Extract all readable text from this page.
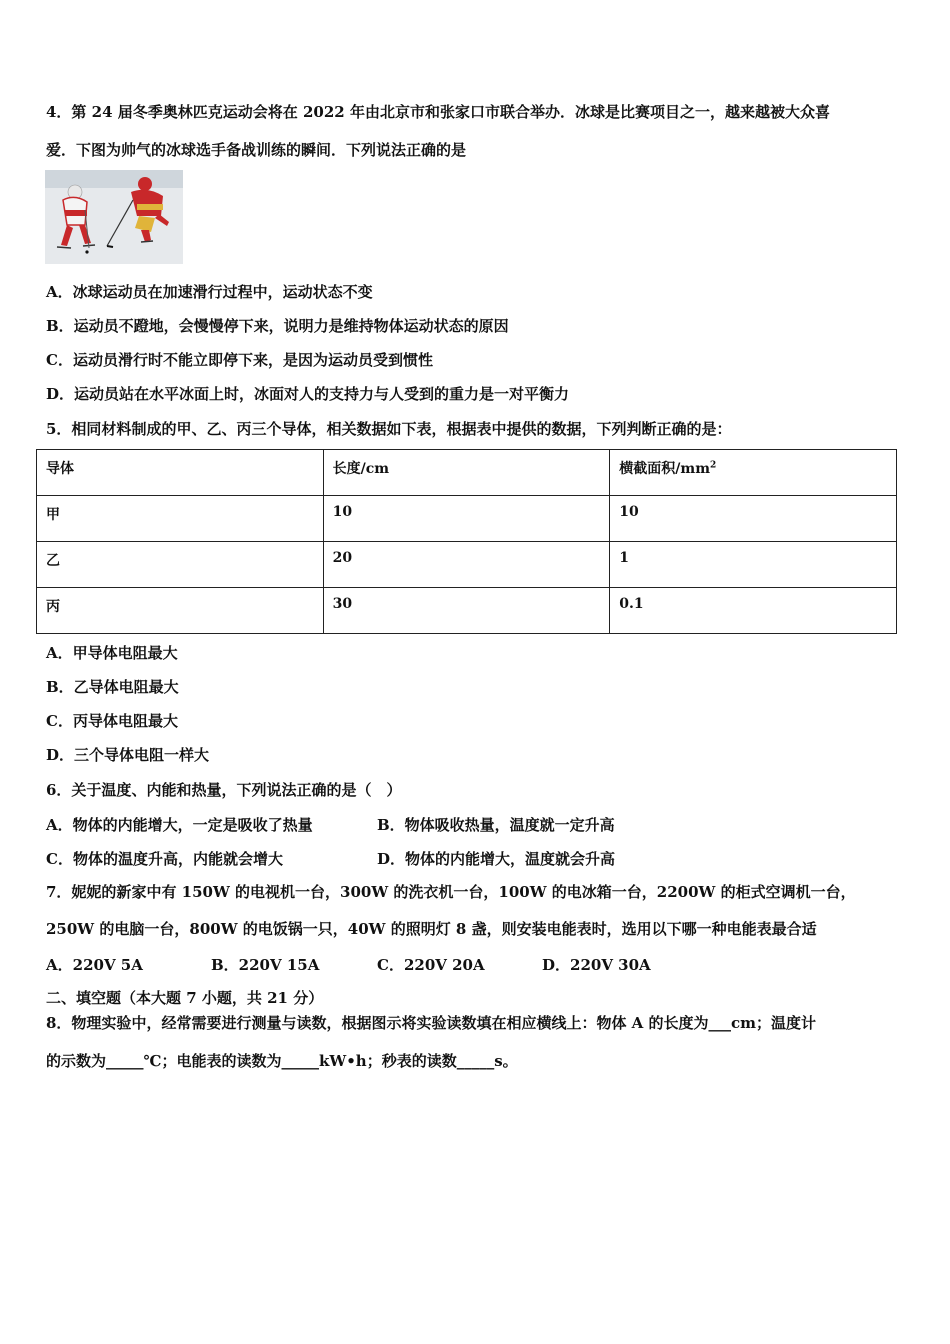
4．第 24 届冬季奥林匹克运动会将在 2022 年由北京市和张家口市联合举办．冰球是比赛项目之一，越来越被大众喜
爱．下图为帅气的冰球选手备战训练的瞬间．下列说法正确的是
A．冰球运动员在加速滑行过程中，运动状态不变
B．运动员不蹬地，会慢慢停下来，说明力是维持物体运动状态的原因
C．运动员滑行时不能立即停下来，是因为运动员受到惯性
D．运动员站在水平冰面上时，冰面对人的支持力与人受到的重力是一对平衡力
5．相同材料制成的甲、乙、丙三个导体，相关数据如下表，根据表中提供的数据，下列判断正确的是：
导体	长度/cm	横截面积$/mm^2$
甲	10	10
乙	20	1
丙	30	0.1
A．甲导体电阻最大
B．乙导体电阻最大
C．丙导体电阻最大
D．三个导体电阻一样大
6．关于温度、内能和热量，下列说法正确的是（　）
A．物体的内能增大，一定是吸收了热量	B．物体吸收热量，温度就一定升高
C．物体的温度升高，内能就会增大	D．物体的内能增大，温度就会升高
7．妮妮的新家中有 150W 的电视机一台，300W 的洗衣机一台，100W 的电冰箱一台，2200W 的柜式空调机一台，
250W 的电脑一台，800W 的电饭锅一只，40W 的照明灯 8 盏，则安装电能表时，选用以下哪一种电能表最合适
A．220V 5A	B．220V 15A	C．220V 20A	D．220V 30A
二、填空题（本大题 7 小题，共 21 分）
8．物理实验中，经常需要进行测量与读数，根据图示将实验读数填在相应横线上：物体 A 的长度为___cm；温度计
的示数为_____℃；电能表的读数为_____kW•h；秒表的读数_____s。
